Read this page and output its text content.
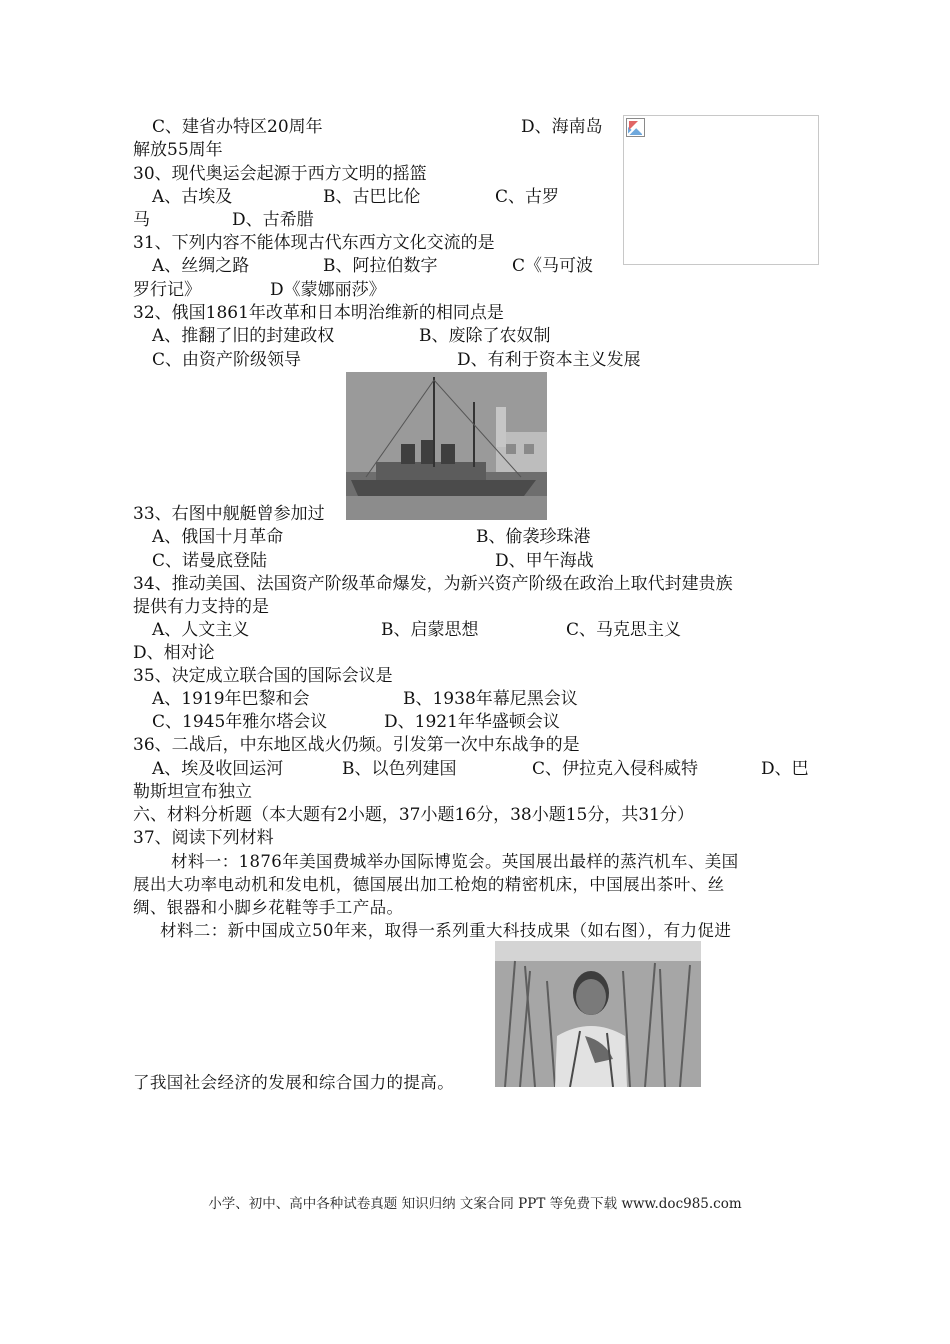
C、建省办特区20周年	D、海南岛
解放55周年
30、现代奥运会起源于西方文明的摇篮
A、古埃及	B、古巴比伦	C、古罗
马	D、古希腊
31、下列内容不能体现古代东西方文化交流的是
A、丝绸之路	B、阿拉伯数字	C《马可波
罗行记》	D《蒙娜丽莎》
32、俄国1861年改革和日本明治维新的相同点是
A、推翻了旧的封建政权	B、废除了农奴制
C、由资产阶级领导	D、有利于资本主义发展
33、右图中舰艇曾参加过
A、俄国十月革命	B、偷袭珍珠港
C、诺曼底登陆	D、甲午海战
34、推动美国、法国资产阶级革命爆发，为新兴资产阶级在政治上取代封建贵族
提供有力支持的是
A、人文主义	B、启蒙思想	C、马克思主义
D、相对论
35、决定成立联合国的国际会议是
A、1919年巴黎和会	B、1938年幕尼黑会议
C、1945年雅尔塔会议	D、1921年华盛顿会议
36、二战后，中东地区战火仍频。引发第一次中东战争的是
A、埃及收回运河	B、以色列建国	C、伊拉克入侵科威特	D、巴
勒斯坦宣布独立
六、材料分析题（本大题有2小题，37小题16分，38小题15分，共31分）
37、阅读下列材料
材料一：1876年美国费城举办国际博览会。英国展出最样的蒸汽机车、美国
展出大功率电动机和发电机，德国展出加工枪炮的精密机床，中国展出茶叶、丝
绸、银器和小脚乡花鞋等手工产品。
材料二：新中国成立50年来，取得一系列重大科技成果（如右图），有力促进
了我国社会经济的发展和综合国力的提高。
小学、初中、高中各种试卷真题 知识归纳 文案合同 PPT 等免费下载 www.doc985.com
